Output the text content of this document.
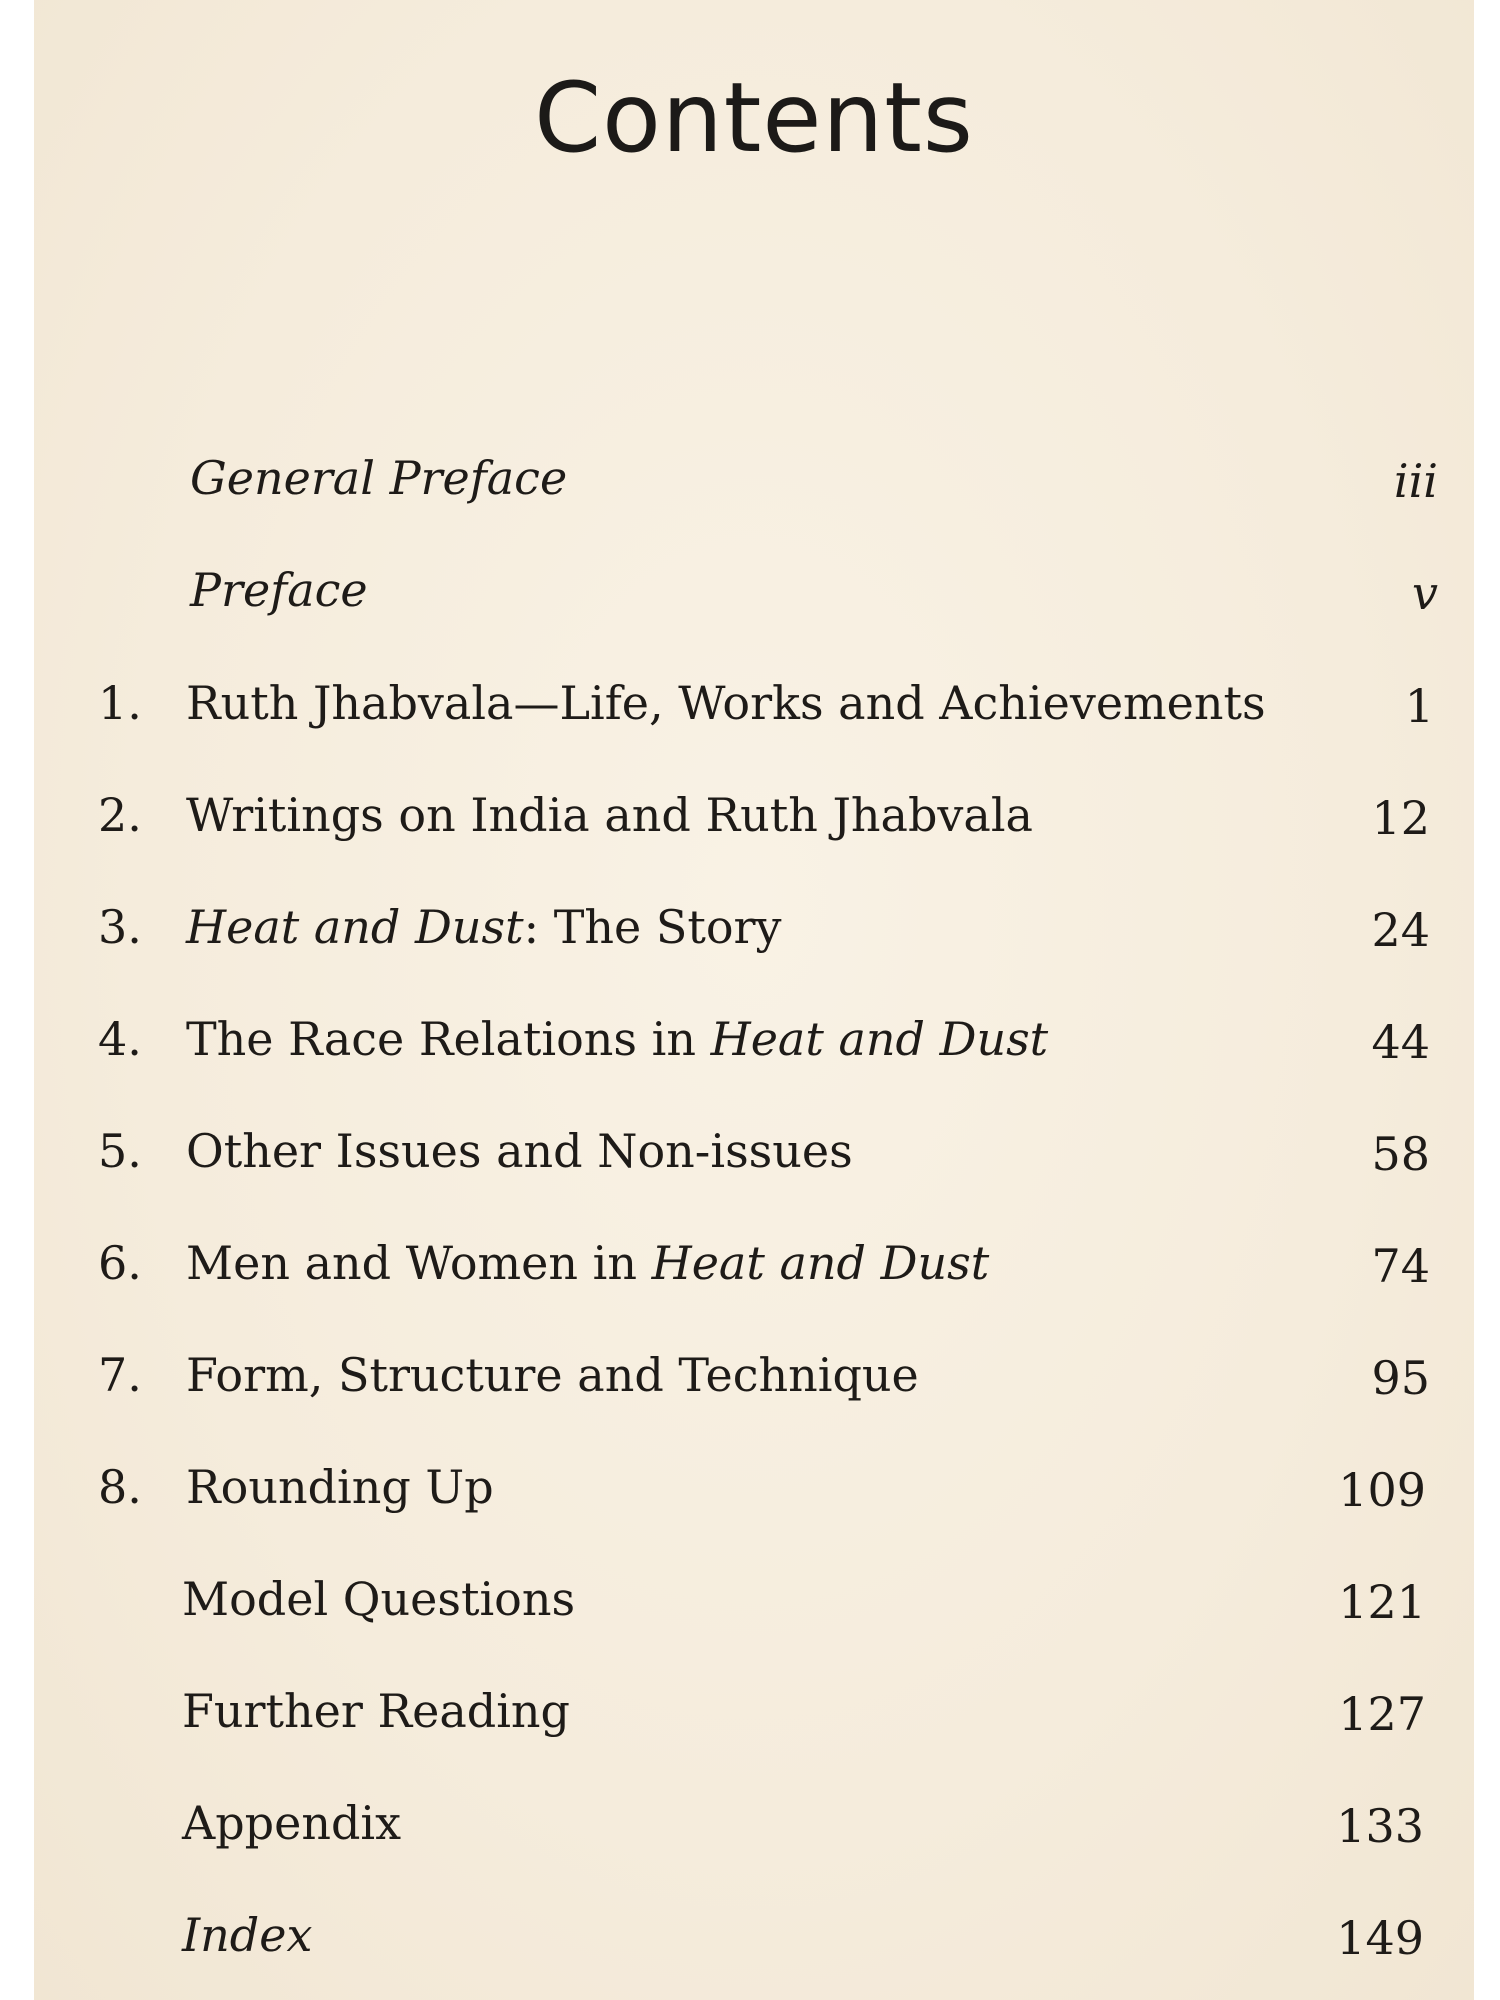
Contents
General Preface	iii
Preface	v
1. Ruth Jhabvala—Life, Works and Achievements	1
2. Writings on India and Ruth Jhabvala	12
3. Heat and Dust: The Story	24
4. The Race Relations in Heat and Dust	44
5. Other Issues and Non-issues	58
6. Men and Women in Heat and Dust	74
7. Form, Structure and Technique	95
8. Rounding Up	109
Model Questions	121
Further Reading	127
Appendix	133
Index	149
